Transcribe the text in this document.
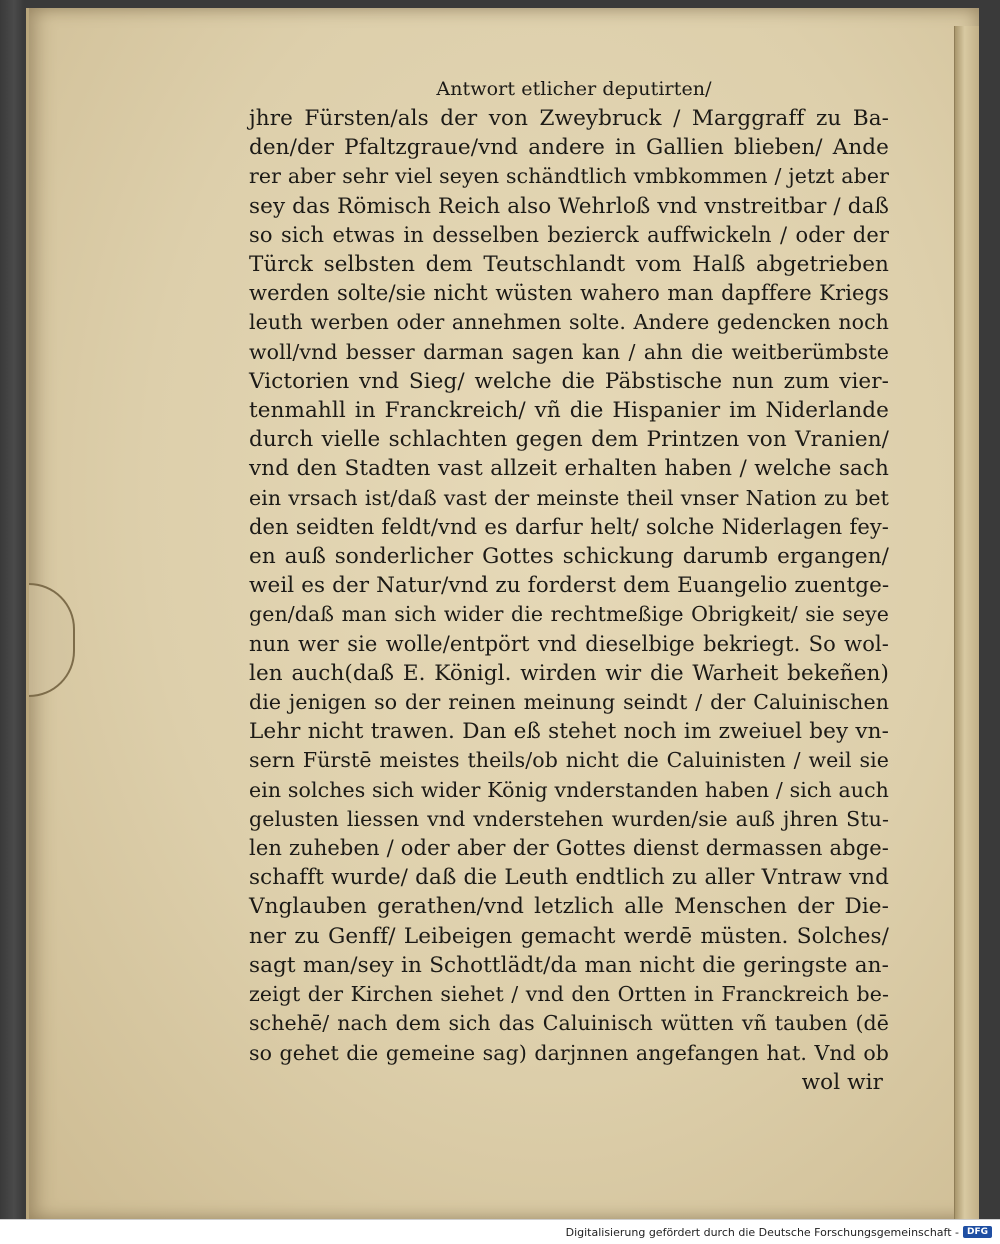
Antwort etlicher deputirten/
jhre Fürsten/als der von Zweybruck / Marggraff zu Ba-
den/der Pfaltzgraue/vnd andere in Gallien blieben/ Ande
rer aber sehr viel seyen schändtlich vmbkommen / jetzt aber
sey das Römisch Reich also Wehrloß vnd vnstreitbar / daß
so sich etwas in desselben bezierck auffwickeln / oder der
Türck selbsten dem Teutschlandt vom Halß abgetrieben
werden solte/sie nicht wüsten wahero man dapffere Kriegs
leuth werben oder annehmen solte. Andere gedencken noch
woll/vnd besser darman sagen kan / ahn die weitberümbste
Victorien vnd Sieg/ welche die Päbstische nun zum vier-
tenmahll in Franckreich/ vñ die Hispanier im Niderlande
durch vielle schlachten gegen dem Printzen von Vranien/
vnd den Stadten vast allzeit erhalten haben / welche sach
ein vrsach ist/daß vast der meinste theil vnser Nation zu bet
den seidten feldt/vnd es darfur helt/ solche Niderlagen fey-
en auß sonderlicher Gottes schickung darumb ergangen/
weil es der Natur/vnd zu forderst dem Euangelio zuentge-
gen/daß man sich wider die rechtmeßige Obrigkeit/ sie seye
nun wer sie wolle/entpört vnd dieselbige bekriegt. So wol-
len auch(daß E. Königl. wirden wir die Warheit bekeñen)
die jenigen so der reinen meinung seindt / der Caluinischen
Lehr nicht trawen. Dan eß stehet noch im zweiuel bey vn-
sern Fürstē meistes theils/ob nicht die Caluinisten / weil sie
ein solches sich wider König vnderstanden haben / sich auch
gelusten liessen vnd vnderstehen wurden/sie auß jhren Stu-
len zuheben / oder aber der Gottes dienst dermassen abge-
schafft wurde/ daß die Leuth endtlich zu aller Vntraw vnd
Vnglauben gerathen/vnd letzlich alle Menschen der Die-
ner zu Genff/ Leibeigen gemacht werdē müsten. Solches/
sagt man/sey in Schottlädt/da man nicht die geringste an-
zeigt der Kirchen siehet / vnd den Ortten in Franckreich be-
schehē/ nach dem sich das Caluinisch wütten vñ tauben (dē
so gehet die gemeine sag) darjnnen angefangen hat. Vnd ob
wol wir
Digitalisierung gefördert durch die Deutsche Forschungsgemeinschaft - DFG
